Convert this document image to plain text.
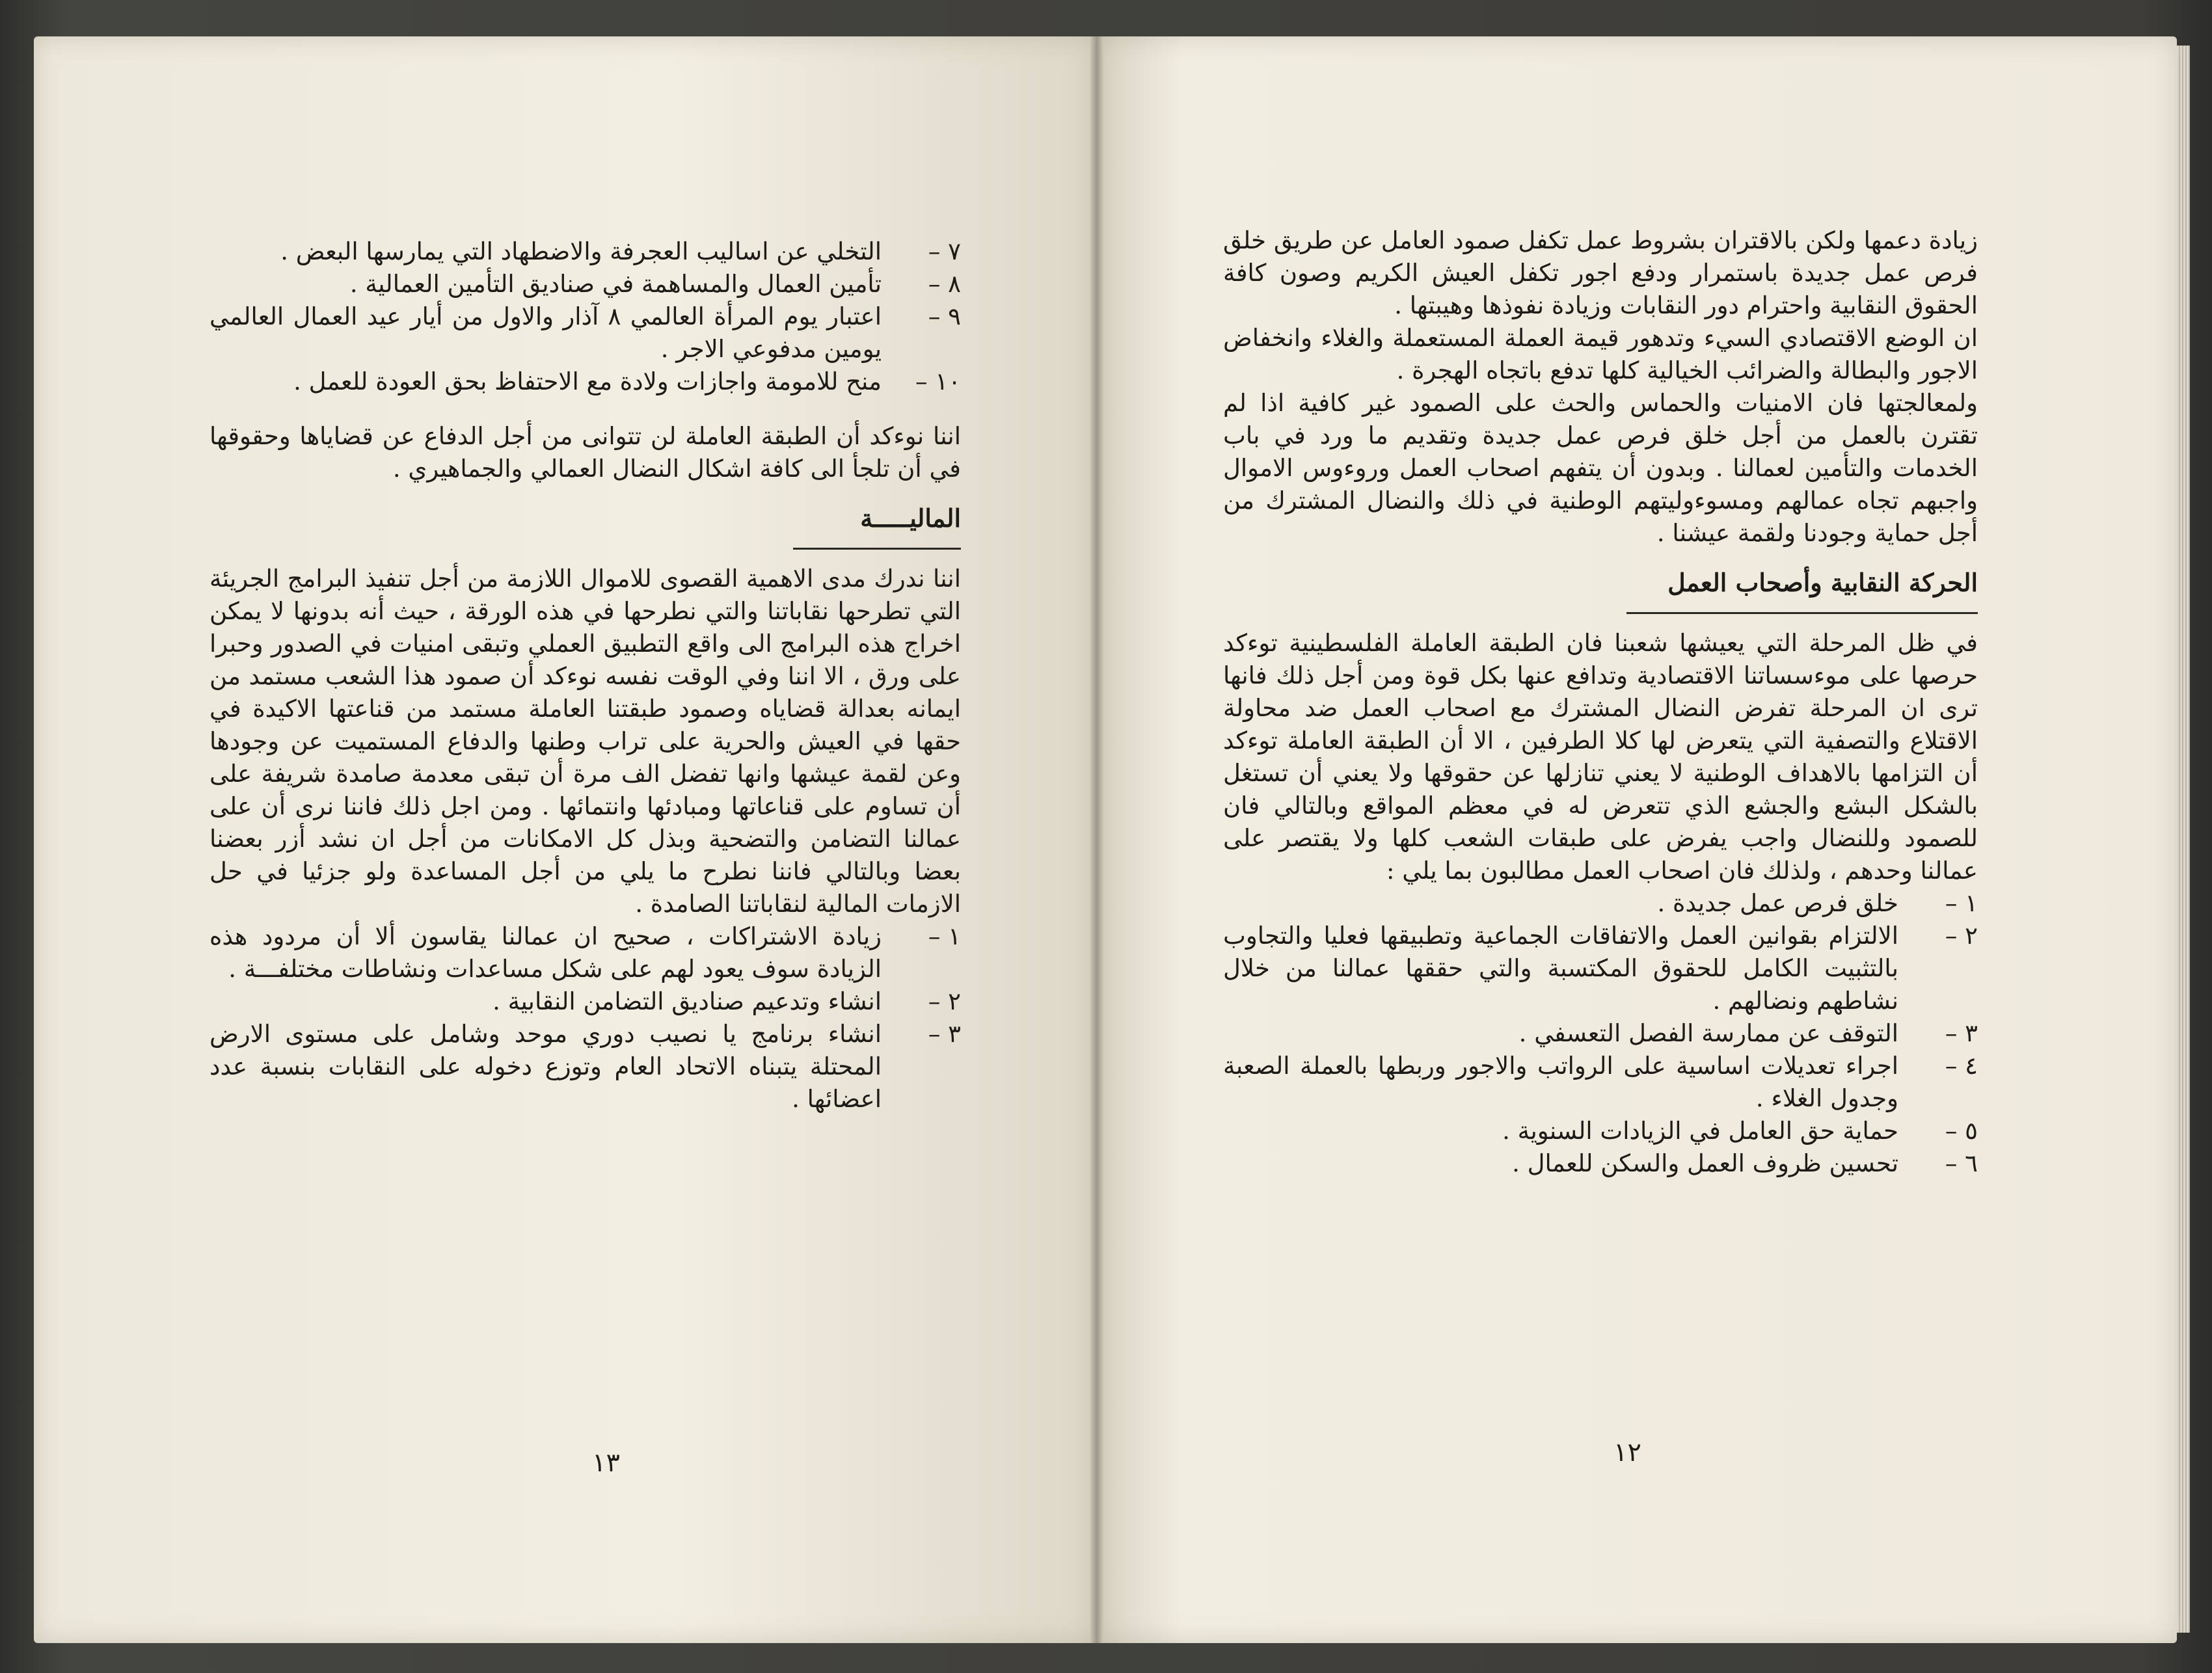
٧ –
التخلي عن اساليب العجرفة والاضطهاد التي يمارسها البعض .
٨ –
تأمين العمال والمساهمة في صناديق التأمين العمالية .
٩ –
اعتبار يوم المرأة العالمي ٨ آذار والاول من أيار عيد العمال العالمي يومين مدفوعي الاجر .
١٠ –
منح للامومة واجازات ولادة مع الاحتفاظ بحق العودة للعمل .

اننا نوءكد أن الطبقة العاملة لن تتوانى من أجل الدفاع عن قضاياها وحقوقها في أن تلجأ الى كافة اشكال النضال العمالي والجماهيري .

الماليـــــة

اننا ندرك مدى الاهمية القصوى للاموال اللازمة من أجل تنفيذ البرامج الجريئة التي تطرحها نقاباتنا والتي نطرحها في هذه الورقة ، حيث أنه بدونها لا يمكن اخراج هذه البرامج الى واقع التطبيق العملي وتبقى امنيات في الصدور وحبرا على ورق ، الا اننا وفي الوقت نفسه نوءكد أن صمود هذا الشعب مستمد من ايمانه بعدالة قضاياه وصمود طبقتنا العاملة مستمد من قناعتها الاكيدة في حقها في العيش والحرية على تراب وطنها والدفاع المستميت عن وجودها وعن لقمة عيشها وانها تفضل الف مرة أن تبقى معدمة صامدة شريفة على أن تساوم على قناعاتها ومبادئها وانتمائها . ومن اجل ذلك فاننا نرى أن على عمالنا التضامن والتضحية وبذل كل الامكانات من أجل ان نشد أزر بعضنا بعضا وبالتالي فاننا نطرح ما يلي من أجل المساعدة ولو جزئيا في حل الازمات المالية لنقاباتنا الصامدة .

١ –
زيادة الاشتراكات ، صحيح ان عمالنا يقاسون ألا أن مردود هذه الزيادة سوف يعود لهم على شكل مساعدات ونشاطات مختلفـــة .
٢ –
انشاء وتدعيم صناديق التضامن النقابية .
٣ –
انشاء برنامج يا نصيب دوري موحد وشامل على مستوى الارض المحتلة يتبناه الاتحاد العام وتوزع دخوله على النقابات بنسبة عدد اعضائها .
١٣

زيادة دعمها ولكن بالاقتران بشروط عمل تكفل صمود العامل عن طريق خلق فرص عمل جديدة باستمرار ودفع اجور تكفل العيش الكريم وصون كافة الحقوق النقابية واحترام دور النقابات وزيادة نفوذها وهيبتها .

ان الوضع الاقتصادي السيء وتدهور قيمة العملة المستعملة والغلاء وانخفاض الاجور والبطالة والضرائب الخيالية كلها تدفع باتجاه الهجرة .

ولمعالجتها فان الامنيات والحماس والحث على الصمود غير كافية اذا لم تقترن بالعمل من أجل خلق فرص عمل جديدة وتقديم ما ورد في باب الخدمات والتأمين لعمالنا . وبدون أن يتفهم اصحاب العمل وروءوس الاموال واجبهم تجاه عمالهم ومسوءوليتهم الوطنية في ذلك والنضال المشترك من أجل حماية وجودنا ولقمة عيشنا .

الحركة النقابية وأصحاب العمل

في ظل المرحلة التي يعيشها شعبنا فان الطبقة العاملة الفلسطينية توءكد حرصها على موءسساتنا الاقتصادية وتدافع عنها بكل قوة ومن أجل ذلك فانها ترى ان المرحلة تفرض النضال المشترك مع اصحاب العمل ضد محاولة الاقتلاع والتصفية التي يتعرض لها كلا الطرفين ، الا أن الطبقة العاملة توءكد أن التزامها بالاهداف الوطنية لا يعني تنازلها عن حقوقها ولا يعني أن تستغل بالشكل البشع والجشع الذي تتعرض له في معظم المواقع وبالتالي فان للصمود وللنضال واجب يفرض على طبقات الشعب كلها ولا يقتصر على عمالنا وحدهم ، ولذلك فان اصحاب العمل مطالبون بما يلي :

١ –
خلق فرص عمل جديدة .
٢ –
الالتزام بقوانين العمل والاتفاقات الجماعية وتطبيقها فعليا والتجاوب بالتثبيت الكامل للحقوق المكتسبة والتي حققها عمالنا من خلال نشاطهم ونضالهم .
٣ –
التوقف عن ممارسة الفصل التعسفي .
٤ –
اجراء تعديلات اساسية على الرواتب والاجور وربطها بالعملة الصعبة وجدول الغلاء .
٥ –
حماية حق العامل في الزيادات السنوية .
٦ –
تحسين ظروف العمل والسكن للعمال .
١٢
